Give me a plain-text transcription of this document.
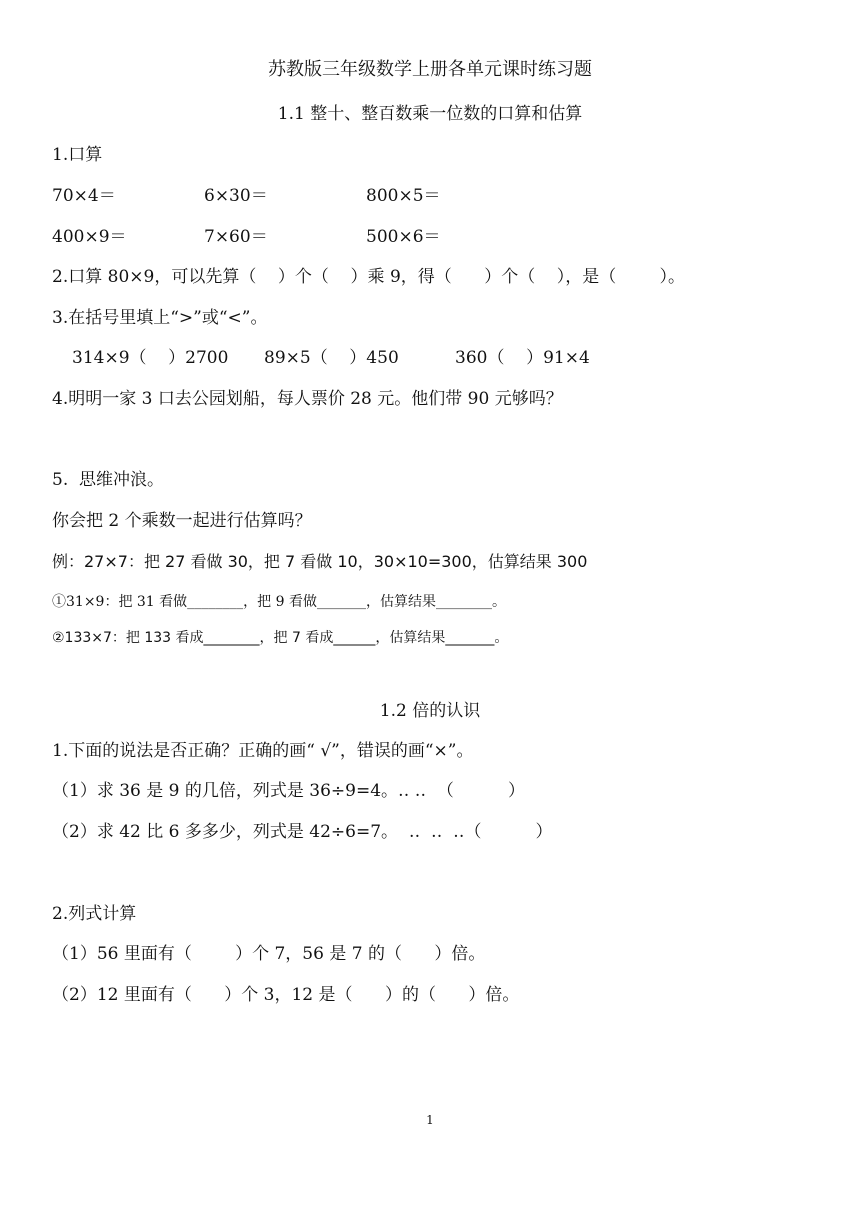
苏教版三年级数学上册各单元课时练习题
1.1 整十、整百数乘一位数的口算和估算
1.口算
70×4＝	6×30＝	800×5＝
400×9＝	7×60＝	500×6＝
2.口算 80×9，可以先算（    ）个（    ）乘 9，得（      ）个（    ），是（        ）。
3.在括号里填上“>”或“<”。
314×9（    ）2700 89×5（    ）450	360（    ）91×4
4.明明一家 3 口去公园划船，每人票价 28 元。他们带 90 元够吗？
5.  思维冲浪。
你会把 2 个乘数一起进行估算吗？
例：27×7：把 27 看做 30，把 7 看做 10，30×10=300，估算结果 300
①31×9：把 31 看做________，把 9 看做_______，估算结果________。
②133×7：把 133 看成________，把 7 看成______，估算结果_______。
1.2 倍的认识
1.下面的说法是否正确？正确的画“ √”，错误的画“×”。
（1）求 36 是 9 的几倍，列式是 36÷9=4。‥ ‥  （          ）
（2）求 42 比 6 多多少，列式是 42÷6=7。  ‥  ‥  ‥（          ）
2.列式计算
（1）56 里面有（        ）个 7，56 是 7 的（      ）倍。
（2）12 里面有（      ）个 3，12 是（      ）的（      ）倍。
1
